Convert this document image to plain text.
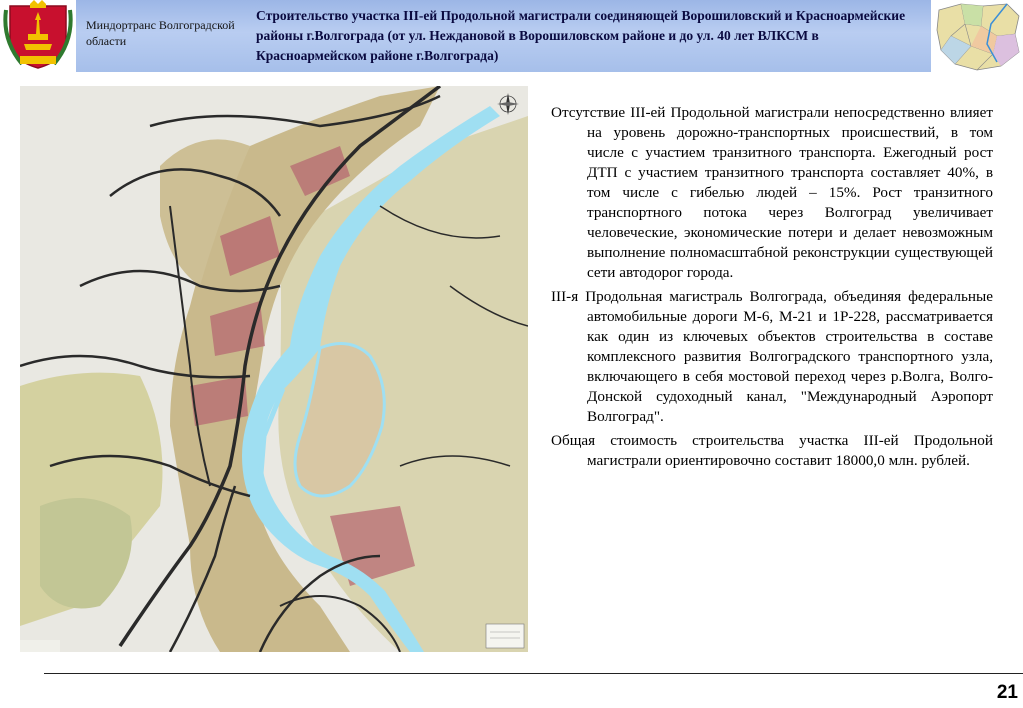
Миндортранс Волгоградской области
Строительство участка III-ей Продольной магистрали соединяющей Ворошиловский и Красноармейские районы г.Волгограда (от ул. Неждановой в Ворошиловском районе и до ул. 40 лет ВЛКСМ в Красноармейском районе г.Волгограда)

Отсутствие III-ей Продольной магистрали непосредственно влияет на уровень дорожно-транспортных происшествий, в том числе с участием транзитного транспорта. Ежегодный рост ДТП с участием транзитного транспорта составляет 40%, в том числе с гибелью людей – 15%. Рост транзитного транспортного потока через Волгоград увеличивает человеческие, экономические потери и делает невозможным выполнение полномасштабной реконструкции существующей сети автодорог города.

III-я Продольная магистраль Волгограда, объединяя федеральные автомобильные дороги М-6, М-21 и 1Р-228, рассматривается как один из ключевых объектов строительства в составе комплексного развития Волгоградского транспортного узла, включающего в себя мостовой переход через р.Волга, Волго-Донской судоходный канал, "Международный Аэропорт Волгоград".

Общая стоимость строительства участка III-ей Продольной магистрали ориентировочно составит 18000,0 млн. рублей.

21
